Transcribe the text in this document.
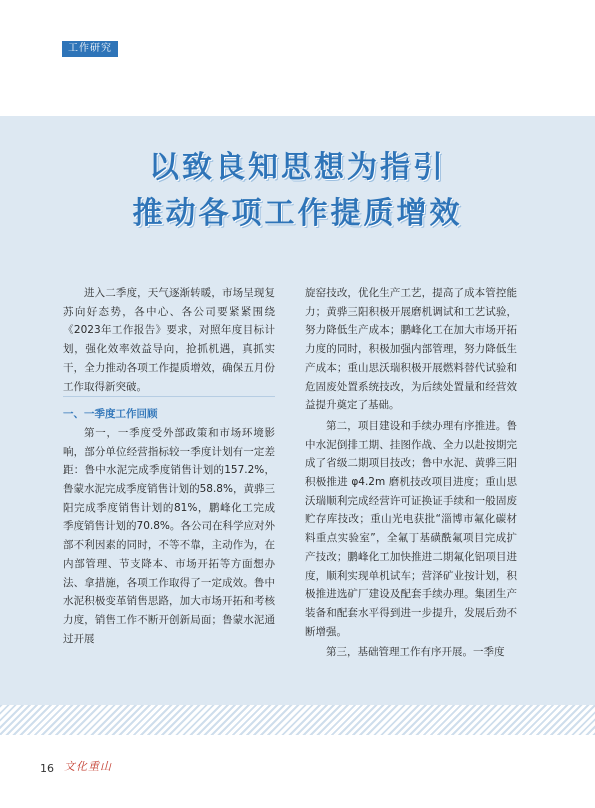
工作研究
以致良知思想为指引
推动各项工作提质增效

进入二季度，天气逐渐转暖，市场呈现复苏向好态势，各中心、各公司要紧紧围绕《2023年工作报告》要求，对照年度目标计划，强化效率效益导向，抢抓机遇，真抓实干，全力推动各项工作提质增效，确保五月份工作取得新突破。

一、一季度工作回顾

第一，一季度受外部政策和市场环境影响，部分单位经营指标较一季度计划有一定差距：鲁中水泥完成季度销售计划的157.2%，鲁蒙水泥完成季度销售计划的58.8%，黄骅三阳完成季度销售计划的81%，鹏峰化工完成季度销售计划的70.8%。各公司在科学应对外部不利因素的同时，不等不靠，主动作为，在内部管理、节支降本、市场开拓等方面想办法、拿措施，各项工作取得了一定成效。鲁中水泥积极变革销售思路，加大市场开拓和考核力度，销售工作不断开创新局面；鲁蒙水泥通过开展

旋窑技改，优化生产工艺，提高了成本管控能力；黄骅三阳积极开展磨机调试和工艺试验，努力降低生产成本；鹏峰化工在加大市场开拓力度的同时，积极加强内部管理，努力降低生产成本；重山思沃瑞积极开展燃料替代试验和危固废处置系统技改，为后续处置量和经营效益提升奠定了基础。

第二，项目建设和手续办理有序推进。鲁中水泥倒排工期、挂图作战、全力以赴按期完成了省级二期项目技改；鲁中水泥、黄骅三阳积极推进 φ4.2m 磨机技改项目进度；重山思沃瑞顺利完成经营许可证换证手续和一般固废贮存库技改；重山光电获批“淄博市氟化碳材料重点实验室”，全氟丁基磺酰氟项目完成扩产技改；鹏峰化工加快推进二期氟化铝项目进度，顺利实现单机试车；营泽矿业按计划，积极推进选矿厂建设及配套手续办理。集团生产装备和配套水平得到进一步提升，发展后劲不断增强。

第三，基础管理工作有序开展。一季度

16 文化重山
